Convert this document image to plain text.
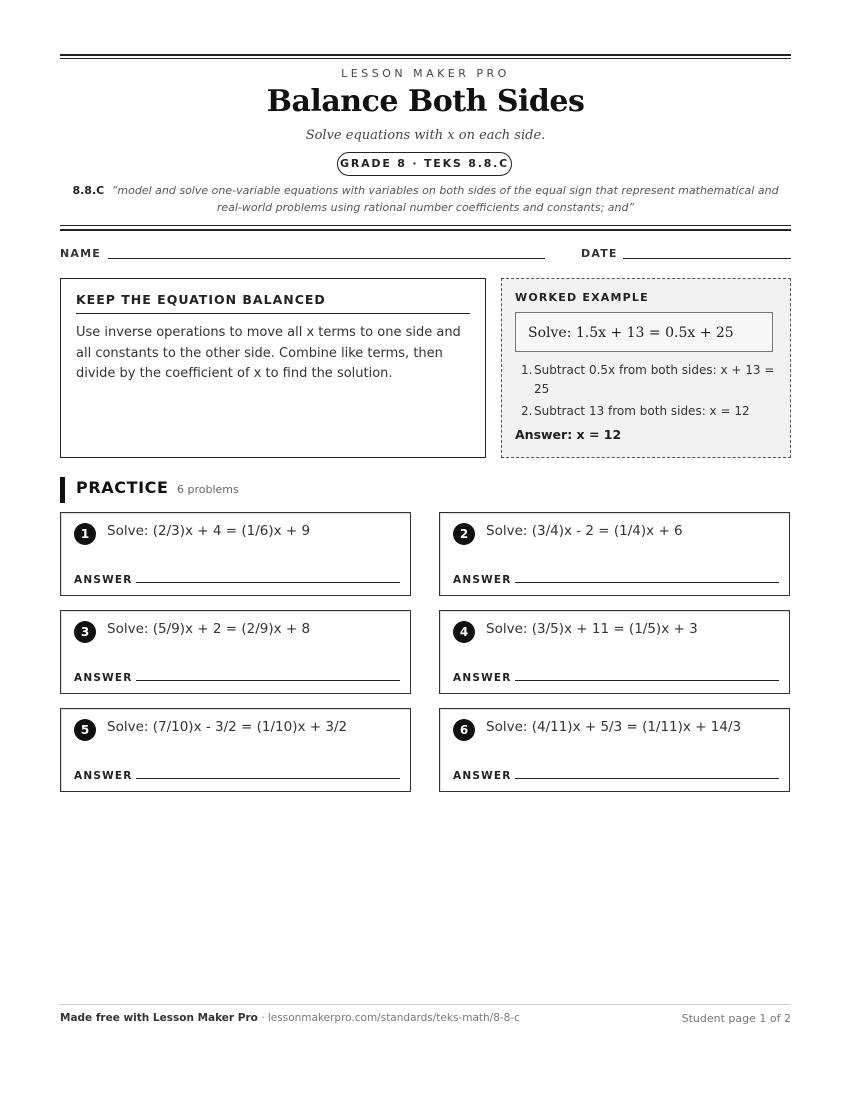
LESSON MAKER PRO
Balance Both Sides
Solve equations with x on each side.
GRADE 8 · TEKS 8.8.C
8.8.C “model and solve one-variable equations with variables on both sides of the equal sign that represent mathematical and real-world problems using rational number coefficients and constants; and”
NAME	DATE
KEEP THE EQUATION BALANCED
Use inverse operations to move all x terms to one side and all constants to the other side. Combine like terms, then divide by the coefficient of x to find the solution.
WORKED EXAMPLE
Solve: 1.5x + 13 = 0.5x + 25
1. Subtract 0.5x from both sides: x + 13 = 25
2. Subtract 13 from both sides: x = 12
Answer: x = 12
PRACTICE 6 problems
1	Solve: (2/3)x + 4 = (1/6)x + 9
ANSWER
2	Solve: (3/4)x - 2 = (1/4)x + 6
ANSWER
3	Solve: (5/9)x + 2 = (2/9)x + 8
ANSWER
4	Solve: (3/5)x + 11 = (1/5)x + 3
ANSWER
5	Solve: (7/10)x - 3/2 = (1/10)x + 3/2
ANSWER
6	Solve: (4/11)x + 5/3 = (1/11)x + 14/3
ANSWER
Made free with Lesson Maker Pro · lessonmakerpro.com/standards/teks-math/8-8-c	Student page 1 of 2
